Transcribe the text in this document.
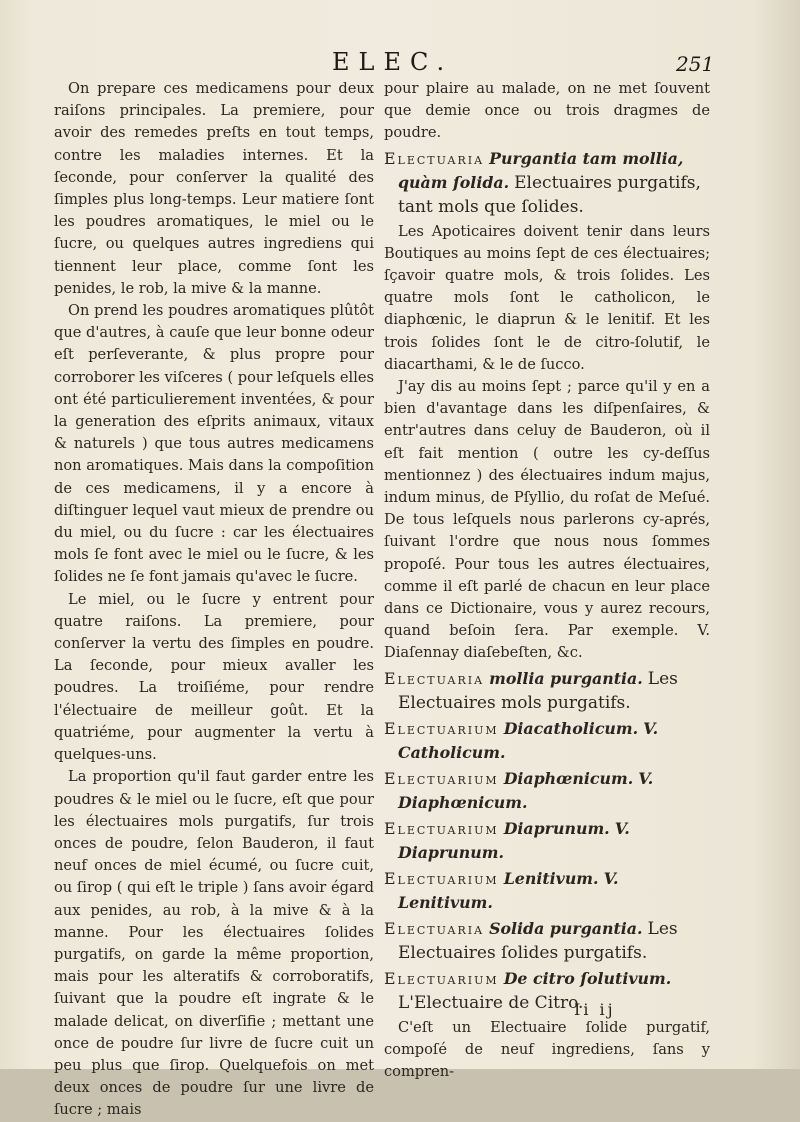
ELEC.	251

On prepare ces medicamens pour deux raiſons principales. La premiere, pour avoir des remedes preſts en tout temps, contre les maladies internes. Et la ſeconde, pour conſerver la qualité des ſimples plus long-temps. Leur matiere ſont les poudres aromatiques, le miel ou le ſucre, ou quelques autres ingrediens qui tiennent leur place, comme ſont les penides, le rob, la mive & la manne.

On prend les poudres aromatiques plûtôt que d'autres, à cauſe que leur bonne odeur eſt perſeverante, & plus propre pour corroborer les viſceres ( pour leſquels elles ont été particulierement inventées, & pour la generation des eſprits animaux, vitaux & naturels ) que tous autres medicamens non aromatiques. Mais dans la compoſition de ces medicamens, il y a encore à diſtinguer lequel vaut mieux de prendre ou du miel, ou du ſucre : car les électuaires mols ſe font avec le miel ou le ſucre, & les ſolides ne ſe font jamais qu'avec le ſucre.

Le miel, ou le ſucre y entrent pour quatre raiſons. La premiere, pour conſerver la vertu des ſimples en poudre. La ſeconde, pour mieux avaller les poudres. La troiſiéme, pour rendre l'électuaire de meilleur goût. Et la quatriéme, pour augmenter la vertu à quelques-uns.

La proportion qu'il faut garder entre les poudres & le miel ou le ſucre, eſt que pour les électuaires mols purgatifs, ſur trois onces de poudre, ſelon Bauderon, il faut neuf onces de miel écumé, ou ſucre cuit, ou ſirop ( qui eſt le triple ) ſans avoir égard aux penides, au rob, à la mive & à la manne. Pour les électuaires ſolides purgatifs, on garde la même proportion, mais pour les alteratifs & corroboratifs, ſuivant que la poudre eſt ingrate & le malade delicat, on diverſifie ; mettant une once de poudre ſur livre de ſucre cuit un peu plus que ſirop. Quelquefois on met deux onces de poudre ſur une livre de ſucre ; mais

pour plaire au malade, on ne met ſouvent que demie once ou trois dragmes de poudre.

Electuaria Purgantia tam mollia, quàm ſolida. Electuaires purgatifs, tant mols que ſolides.

Les Apoticaires doivent tenir dans leurs Boutiques au moins ſept de ces électuaires; ſçavoir quatre mols, & trois ſolides. Les quatre mols ſont le catholicon, le diaphœnic, le diaprun & le lenitif. Et les trois ſolides ſont le de citro-ſolutif, le diacarthami, & le de ſucco.

J'ay dis au moins ſept ; parce qu'il y en a bien d'avantage dans les diſpenſaires, & entr'autres dans celuy de Bauderon, où il eſt fait mention ( outre les cy-deſſus mentionnez ) des électuaires indum majus, indum minus, de Pſyllio, du roſat de Meſué. De tous leſquels nous parlerons cy-aprés, ſuivant l'ordre que nous nous ſommes propoſé. Pour tous les autres électuaires, comme il eſt parlé de chacun en leur place dans ce Dictionaire, vous y aurez recours, quand beſoin ſera. Par exemple. V. Diaſennay diaſebeſten, &c.

Electuaria mollia purgantia. Les Electuaires mols purgatifs.
Electuarium Diacatholicum. V. Catholicum.
Electuarium Diaphœnicum. V. Diaphœnicum.
Electuarium Diaprunum. V. Diaprunum.
Electuarium Lenitivum. V. Lenitivum.
Electuaria Solida purgantia. Les Electuaires ſolides purgatifs.
Electuarium De citro ſolutivum. L'Electuaire de Citro.

C'eſt un Electuaire ſolide purgatif, compoſé de neuf ingrediens, ſans y compren-

Ii ij
